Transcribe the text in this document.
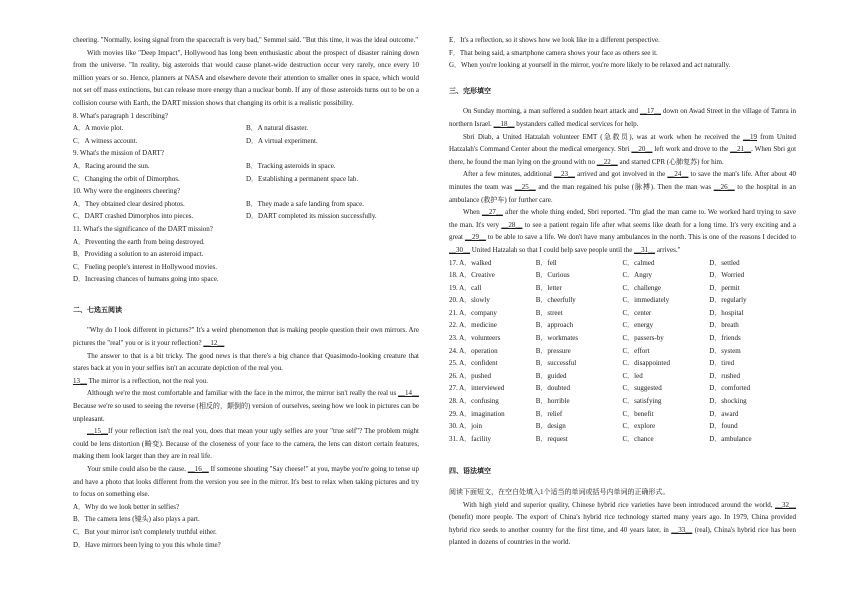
cheering. "Normally, losing signal from the spacecraft is very bad," Semmel said. "But this time, it was the ideal outcome."

With movies like "Deep Impact", Hollywood has long been enthusiastic about the prospect of disaster raining down from the universe. "In reality, big asteroids that would cause planet-wide destruction occur very rarely, once every 10 million years or so. Hence, planners at NASA and elsewhere devote their attention to smaller ones in space, which would not set off mass extinctions, but can release more energy than a nuclear bomb. If any of those asteroids turns out to be on a collision course with Earth, the DART mission shows that changing its orbit is a realistic possibility.

8. What's paragraph 1 describing?

A．A movie plot.	B．A natural disaster.
C．A witness account.	D．A virtual experiment.

9. What's the mission of DART?

A．Racing around the sun.	B．Tracking asteroids in space.
C．Changing the orbit of Dimorphos.	D．Establishing a permanent space lab.

10. Why were the engineers cheering?

A．They obtained clear desired photos.	B．They made a safe landing from space.
C．DART crashed Dimorphos into pieces.	D．DART completed its mission successfully.

11. What's the significance of the DART mission?

A．Preventing the earth from being destroyed.

B．Providing a solution to an asteroid impact.

C．Fueling people's interest in Hollywood movies.

D．Increasing chances of humans going into space.

二、七选五阅读

"Why do I look different in pictures?" It's a weird phenomenon that is making people question their own mirrors. Are pictures the "real" you or is it your reflection? __12__

The answer to that is a bit tricky. The good news is that there's a big chance that Quasimodo-looking creature that stares back at you in your selfies isn't an accurate depiction of the real you.

13__ The mirror is a reflection, not the real you.

Although we're the most comfortable and familiar with the face in the mirror, the mirror isn't really the real us __14__ Because we're so used to seeing the reverse (相反的，颠倒的) version of ourselves, seeing how we look in pictures can be unpleasant.

__15__If your reflection isn't the real you, does that mean your ugly selfies are your "true self"? The problem might could be lens distortion (畸变). Because of the closeness of your face to the camera, the lens can distort certain features, making them look larger than they are in real life.

Your smile could also be the cause. __16__ If someone shouting "Say cheese!" at you, maybe you're going to tense up and have a photo that looks different from the version you see in the mirror. It's best to relax when taking pictures and try to focus on something else.

A．Why do we look better in selfies?

B．The camera lens (镜头) also plays a part.

C．But your mirror isn't completely truthful either.

D．Have mirrors been lying to you this whole time?

E．It's a reflection, so it shows how we look like in a different perspective.

F．That being said, a smartphone camera shows your face as others see it.

G．When you're looking at yourself in the mirror, you're more likely to be relaxed and act naturally.

三、完形填空

On Sunday morning, a man suffered a sudden heart attack and __17__ down on Awad Street in the village of Tamra in northern Israel. __18__ bystanders called medical services for help.

Sbri Diab, a United Hatzalah volunteer EMT (急救员), was at work when he received the __19 from United Hatzalah's Command Center about the medical emergency. Sbri __20__ left work and drove to the __21__. When Sbri got there, he found the man lying on the ground with no __22__ and started CPR (心肺复苏) for him.

After a few minutes, additional __23__ arrived and got involved in the __24__ to save the man's life. After about 40 minutes the team was __25__ and the man regained his pulse (脉搏). Then the man was __26__ to the hospital in an ambulance (救护车) for further care.

When __27__ after the whole thing ended, Sbri reported. "I'm glad the man came to. We worked hard trying to save the man. It's very __28__ to see a patient regain life after what seems like death for a long time. It's very exciting and a great __29__ to be able to save a life. We don't have many ambulances in the north. This is one of the reasons I decided to __30__ United Hatzalah so that I could help save people until the __31__ arrives."

17. A．walked	B．fell	C．calmed	D．settled
18. A．Creative	B．Curious	C．Angry	D．Worried
19. A．call	B．letter	C．challenge	D．permit
20. A．slowly	B．cheerfully	C．immediately	D．regularly
21. A．company	B．street	C．center	D．hospital
22. A．medicine	B．approach	C．energy	D．breath
23. A．volunteers	B．workmates	C．passers-by	D．friends
24. A．operation	B．pressure	C．effort	D．system
25. A．confident	B．successful	C．disappointed	D．tired
26. A．pushed	B．guided	C．led	D．rushed
27. A．interviewed	B．doubted	C．suggested	D．comforted
28. A．confusing	B．horrible	C．satisfying	D．shocking
29. A．imagination	B．relief	C．benefit	D．award
30. A．join	B．design	C．explore	D．found
31. A．facility	B．request	C．chance	D．ambulance
四、语法填空

阅读下面短文，在空白处填入1个适当的单词或括号内单词的正确形式。

With high yield and superior quality, Chinese hybrid rice varieties have been introduced around the world, __32__ (benefit) more people. The export of China's hybrid rice technology started many years ago. In 1979, China provided hybrid rice seeds to another country for the first time, and 40 years later, in __33__ (real), China's hybrid rice has been planted in dozens of countries in the world.
